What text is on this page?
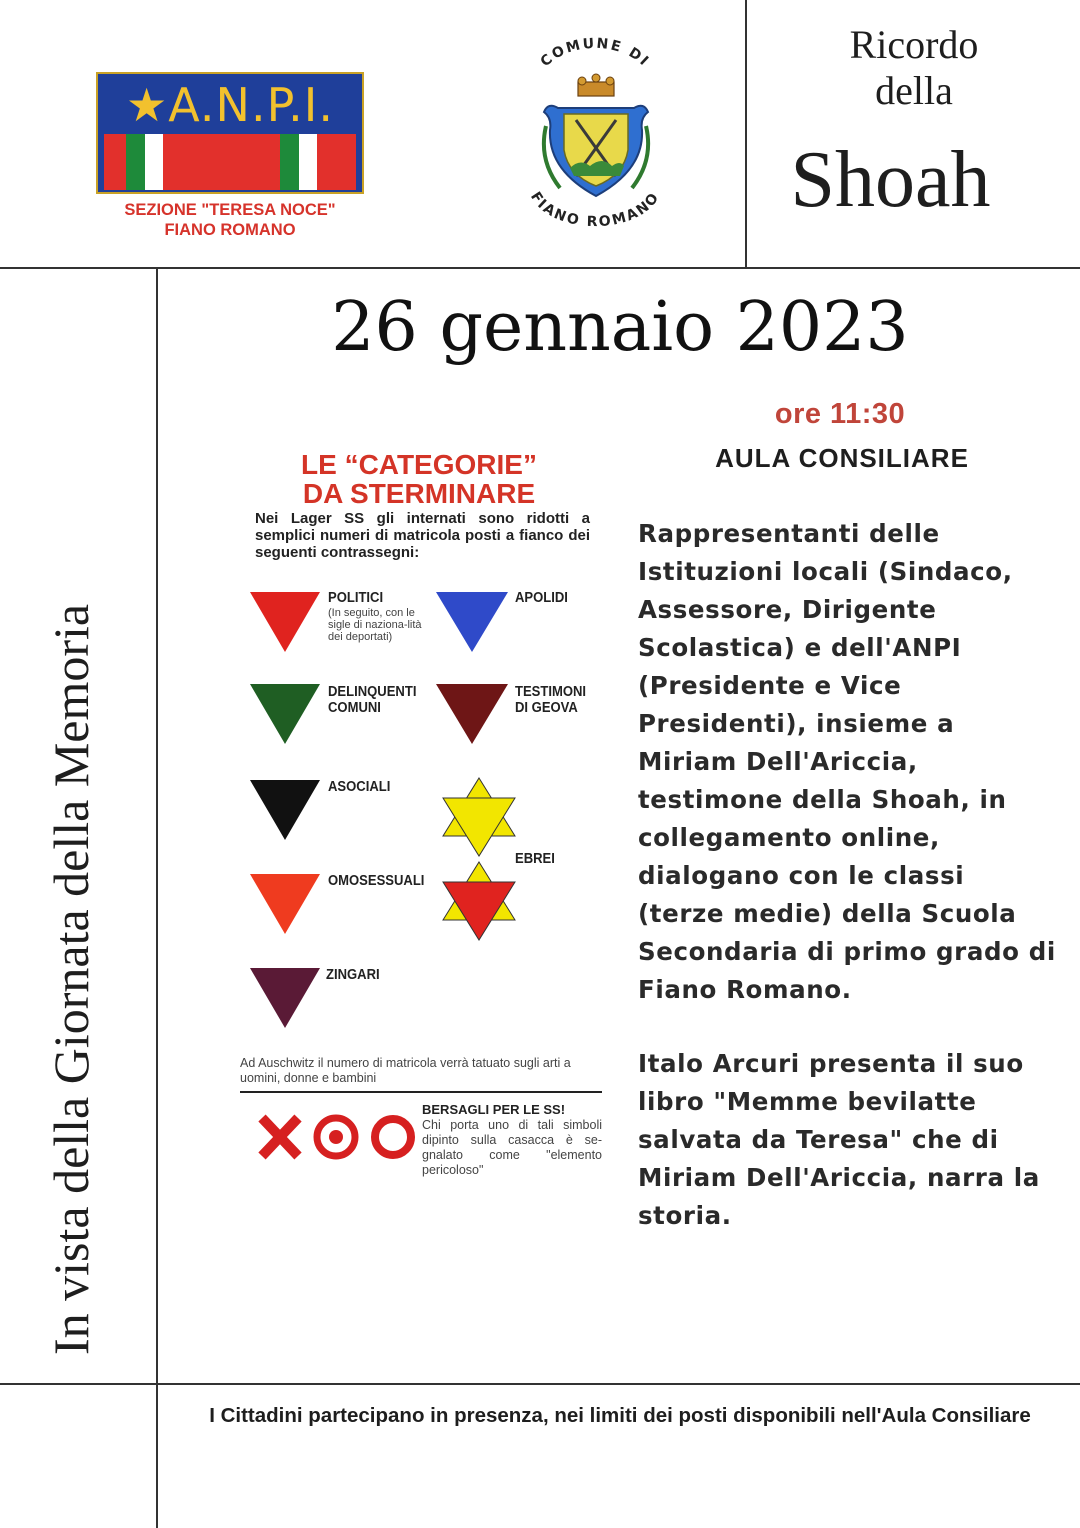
★A.N.P.I.
SEZIONE "TERESA NOCE"
FIANO ROMANO
COMUNE DI
FIANO ROMANO
Ricordo
della
Shoah
In vista della Giornata della Memoria
26 gennaio 2023
ore 11:30
AULA CONSILIARE
LE “CATEGORIE”
DA STERMINARE
Nei Lager SS gli internati sono ridotti a semplici numeri di matricola posti a fianco dei seguenti contrassegni:
POLITICI
(In seguito, con le sigle di naziona-lità dei deportati)
APOLIDI
DELINQUENTI COMUNI
TESTIMONI DI GEOVA
ASOCIALI
EBREI
OMOSESSUALI
ZINGARI
Ad Auschwitz il numero di matricola verrà tatuato sugli arti a uomini, donne e bambini
BERSAGLI PER LE SS!
Chi porta uno di tali simboli dipinto sulla casacca è se-gnalato come "elemento pericoloso"
Rappresentanti delle Istituzioni locali (Sindaco, Assessore, Dirigente Scolastica) e dell'ANPI (Presidente e Vice Presidenti), insieme a Miriam Dell'Ariccia, testimone della Shoah, in collegamento online, dialogano con le classi (terze medie) della Scuola Secondaria di primo grado di Fiano Romano.
Italo Arcuri presenta il suo libro "Memme bevilatte salvata da Teresa" che di Miriam Dell'Ariccia, narra la storia.
I Cittadini partecipano in presenza, nei limiti dei posti disponibili nell'Aula Consiliare
